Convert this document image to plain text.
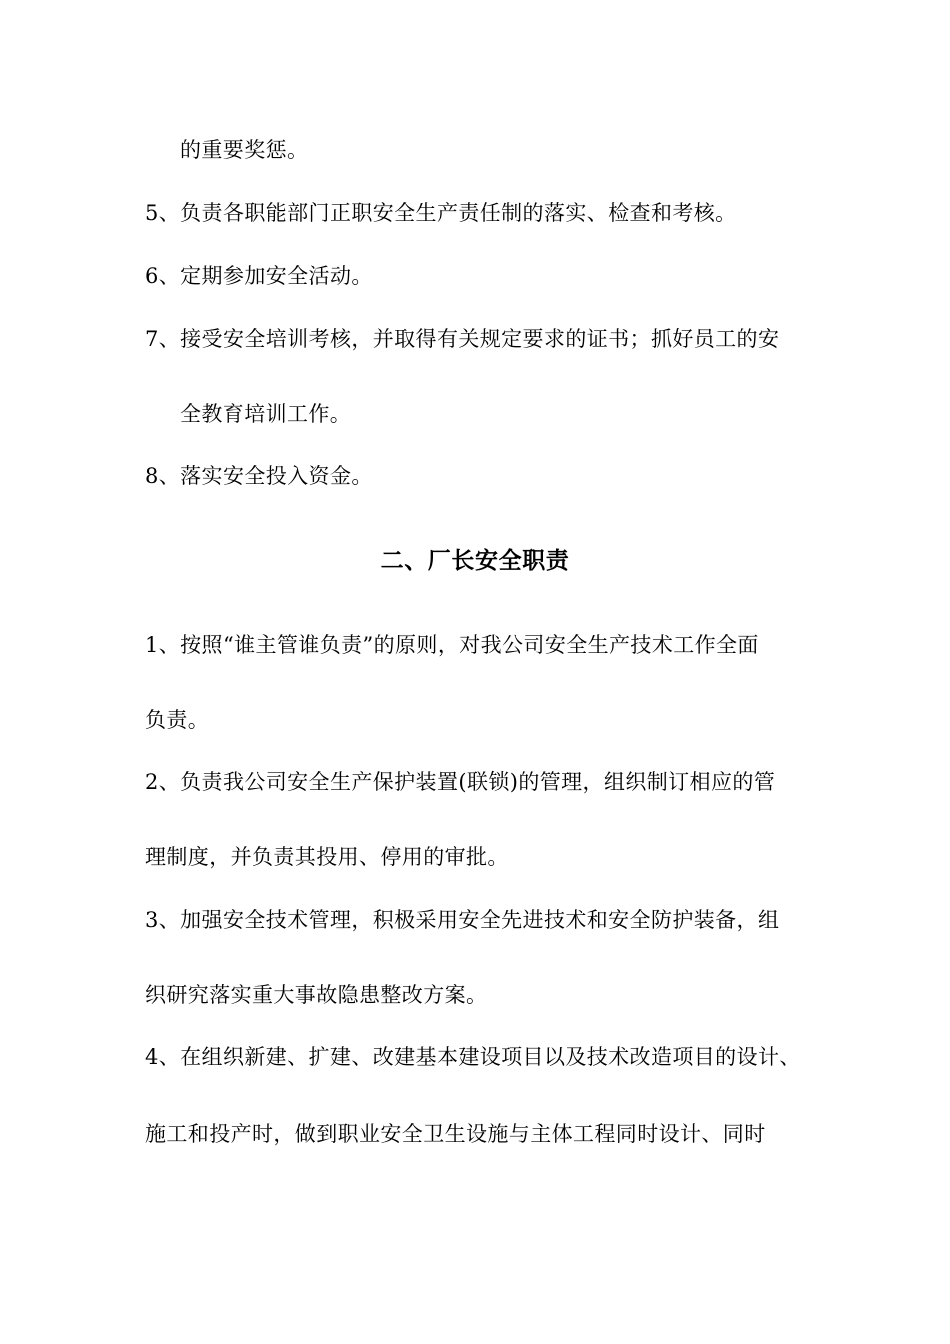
的重要奖惩。

5、负责各职能部门正职安全生产责任制的落实、检查和考核。

6、定期参加安全活动。

7、接受安全培训考核，并取得有关规定要求的证书；抓好员工的安

全教育培训工作。

8、落实安全投入资金。

二、厂长安全职责

1、按照“谁主管谁负责”的原则，对我公司安全生产技术工作全面

负责。

2、负责我公司安全生产保护装置(联锁)的管理，组织制订相应的管

理制度，并负责其投用、停用的审批。

3、加强安全技术管理，积极采用安全先进技术和安全防护装备，组

织研究落实重大事故隐患整改方案。

4、在组织新建、扩建、改建基本建设项目以及技术改造项目的设计、

施工和投产时，做到职业安全卫生设施与主体工程同时设计、同时
